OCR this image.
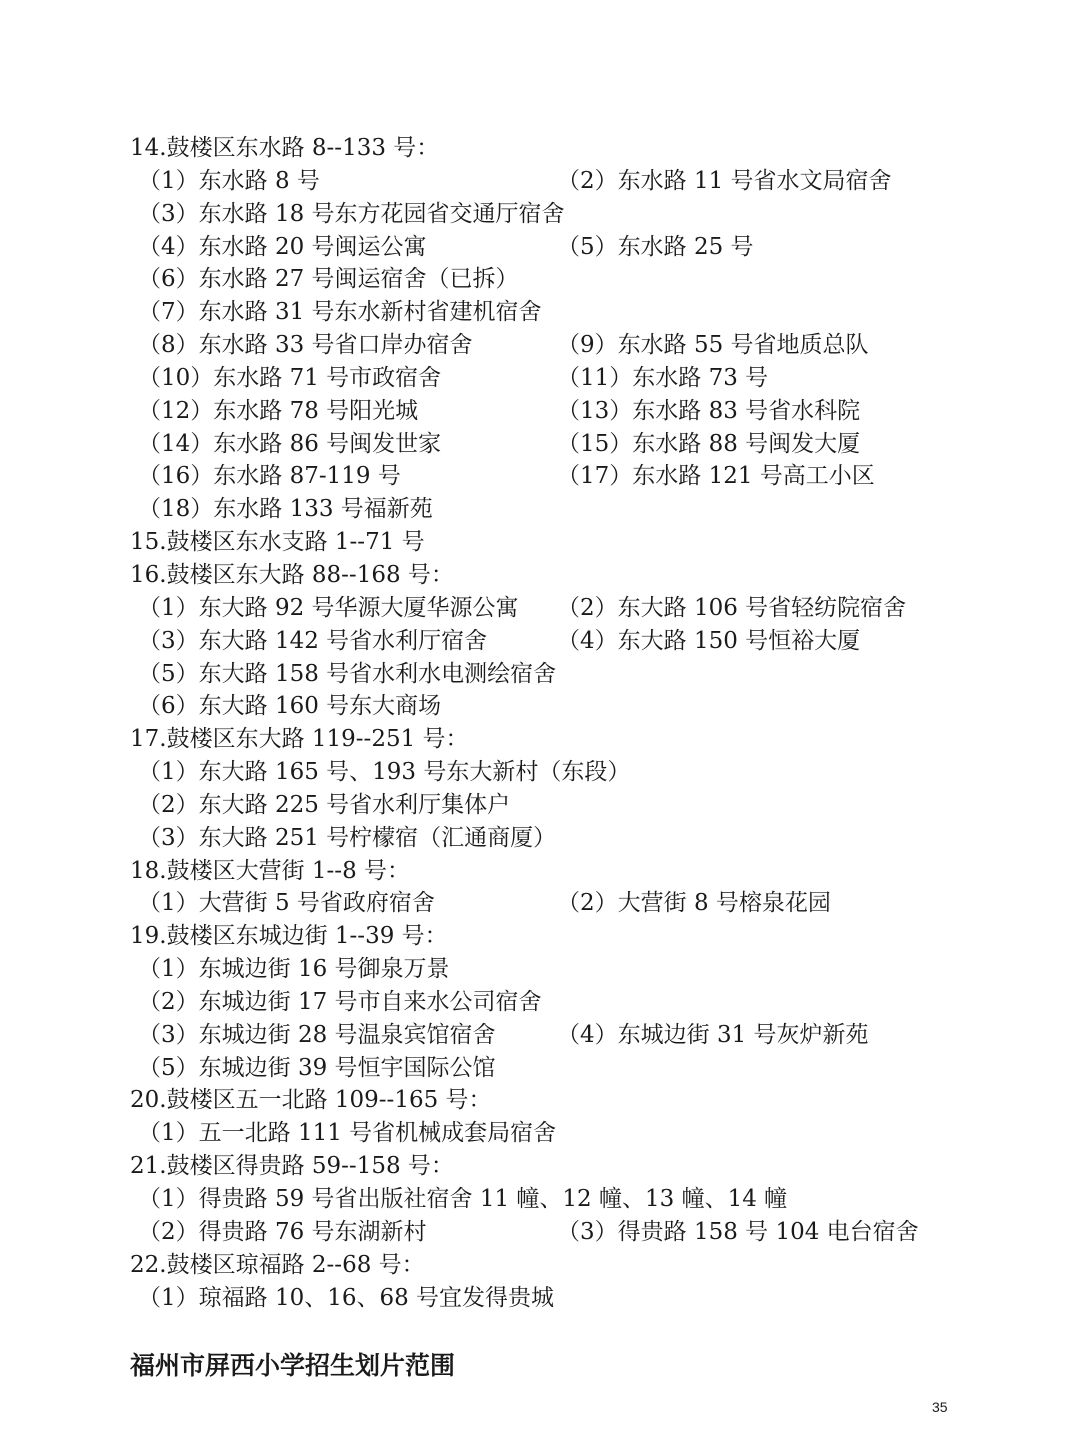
14.鼓楼区东水路 8--133 号：
（1）东水路 8 号	（2）东水路 11 号省水文局宿舍
（3）东水路 18 号东方花园省交通厅宿舍
（4）东水路 20 号闽运公寓	（5）东水路 25 号
（6）东水路 27 号闽运宿舍（已拆）
（7）东水路 31 号东水新村省建机宿舍
（8）东水路 33 号省口岸办宿舍	（9）东水路 55 号省地质总队
（10）东水路 71 号市政宿舍	（11）东水路 73 号
（12）东水路 78 号阳光城	（13）东水路 83 号省水科院
（14）东水路 86 号闽发世家	（15）东水路 88 号闽发大厦
（16）东水路 87-119 号	（17）东水路 121 号高工小区
（18）东水路 133 号福新苑
15.鼓楼区东水支路 1--71 号
16.鼓楼区东大路 88--168 号：
（1）东大路 92 号华源大厦华源公寓 （2）东大路 106 号省轻纺院宿舍
（3）东大路 142 号省水利厅宿舍	（4）东大路 150 号恒裕大厦
（5）东大路 158 号省水利水电测绘宿舍
（6）东大路 160 号东大商场
17.鼓楼区东大路 119--251 号：
（1）东大路 165 号、193 号东大新村（东段）
（2）东大路 225 号省水利厅集体户
（3）东大路 251 号柠檬宿（汇通商厦）
18.鼓楼区大营街 1--8 号：
（1）大营街 5 号省政府宿舍	（2）大营街 8 号榕泉花园
19.鼓楼区东城边街 1--39 号：
（1）东城边街 16 号御泉万景
（2）东城边街 17 号市自来水公司宿舍
（3）东城边街 28 号温泉宾馆宿舍	（4）东城边街 31 号灰炉新苑
（5）东城边街 39 号恒宇国际公馆
20.鼓楼区五一北路 109--165 号：
（1）五一北路 111 号省机械成套局宿舍
21.鼓楼区得贵路 59--158 号：
（1）得贵路 59 号省出版社宿舍 11 幢、12 幢、13 幢、14 幢
（2）得贵路 76 号东湖新村	（3）得贵路 158 号 104 电台宿舍
22.鼓楼区琼福路 2--68 号：
（1）琼福路 10、16、68 号宜发得贵城
福州市屏西小学招生划片范围
35
